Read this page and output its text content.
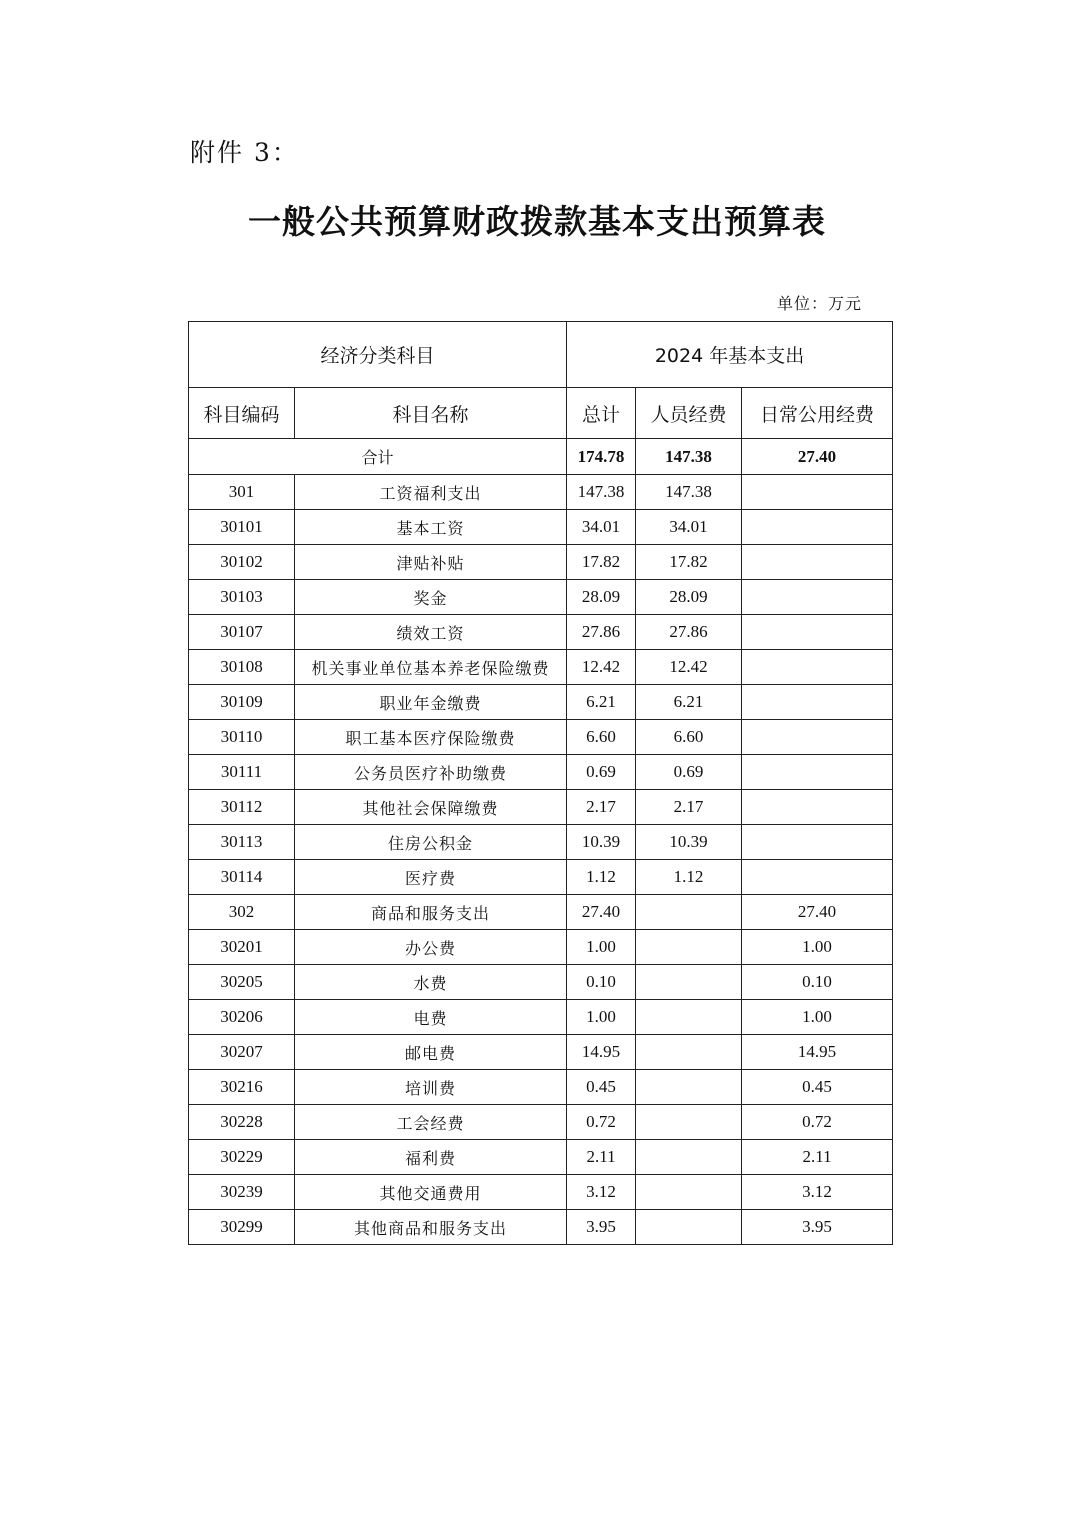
附件 3：
一般公共预算财政拨款基本支出预算表
单位：万元
经济分类科目		2024 年基本支出		
科目编码	科目名称	总计	人员经费	日常公用经费
合计		174.78	147.38	27.40
301	工资福利支出	147.38	147.38	
30101	基本工资	34.01	34.01	
30102	津贴补贴	17.82	17.82	
30103	奖金	28.09	28.09	
30107	绩效工资	27.86	27.86	
30108	机关事业单位基本养老保险缴费	12.42	12.42	
30109	职业年金缴费	6.21	6.21	
30110	职工基本医疗保险缴费	6.60	6.60	
30111	公务员医疗补助缴费	0.69	0.69	
30112	其他社会保障缴费	2.17	2.17	
30113	住房公积金	10.39	10.39	
30114	医疗费	1.12	1.12	
302	商品和服务支出	27.40		27.40
30201	办公费	1.00		1.00
30205	水费	0.10		0.10
30206	电费	1.00		1.00
30207	邮电费	14.95		14.95
30216	培训费	0.45		0.45
30228	工会经费	0.72		0.72
30229	福利费	2.11		2.11
30239	其他交通费用	3.12		3.12
30299	其他商品和服务支出	3.95		3.95
